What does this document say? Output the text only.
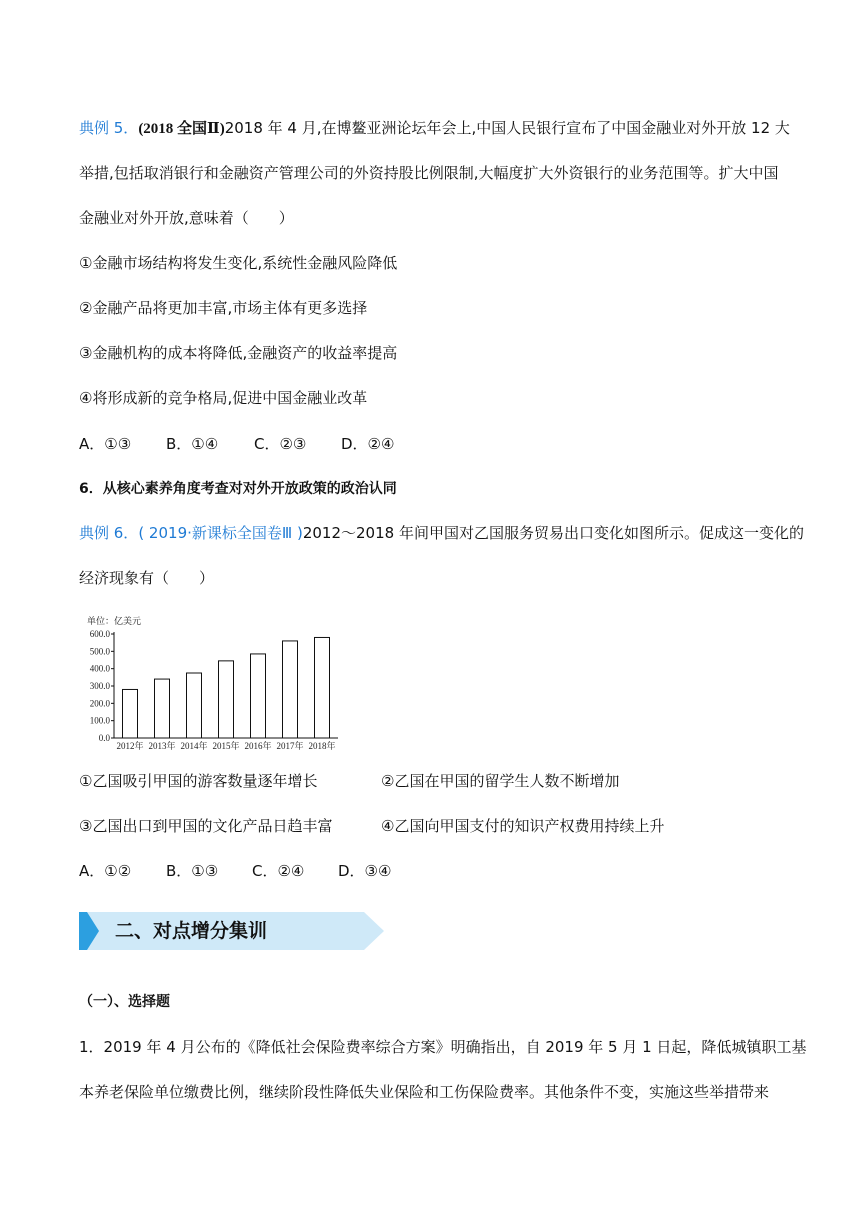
典例 5．(2018 全国Ⅱ)2018 年 4 月,在博鳌亚洲论坛年会上,中国人民银行宣布了中国金融业对外开放 12 大
举措,包括取消银行和金融资产管理公司的外资持股比例限制,大幅度扩大外资银行的业务范围等。扩大中国
金融业对外开放,意味着（　　）
①金融市场结构将发生变化,系统性金融风险降低
②金融产品将更加丰富,市场主体有更多选择
③金融机构的成本将降低,金融资产的收益率提高
④将形成新的竞争格局,促进中国金融业改革
A．①③ B．①④ C．②③ D．②④
6．从核心素养角度考查对对外开放政策的政治认同
典例 6．( 2019·新课标全国卷Ⅲ )2012～2018 年间甲国对乙国服务贸易出口变化如图所示。促成这一变化的
经济现象有（　　）
单位：亿美元
0.0
100.0
200.0
300.0
400.0
500.0
600.0
2012年 2013年 2014年 2015年 2016年 2017年 2018年
①乙国吸引甲国的游客数量逐年增长	②乙国在甲国的留学生人数不断增加
③乙国出口到甲国的文化产品日趋丰富	④乙国向甲国支付的知识产权费用持续上升
A．①② B．①③ C．②④ D．③④
二、对点增分集训
（一）、选择题
1．2019 年 4 月公布的《降低社会保险费率综合方案》明确指出，自 2019 年 5 月 1 日起，降低城镇职工基
本养老保险单位缴费比例，继续阶段性降低失业保险和工伤保险费率。其他条件不变，实施这些举措带来
